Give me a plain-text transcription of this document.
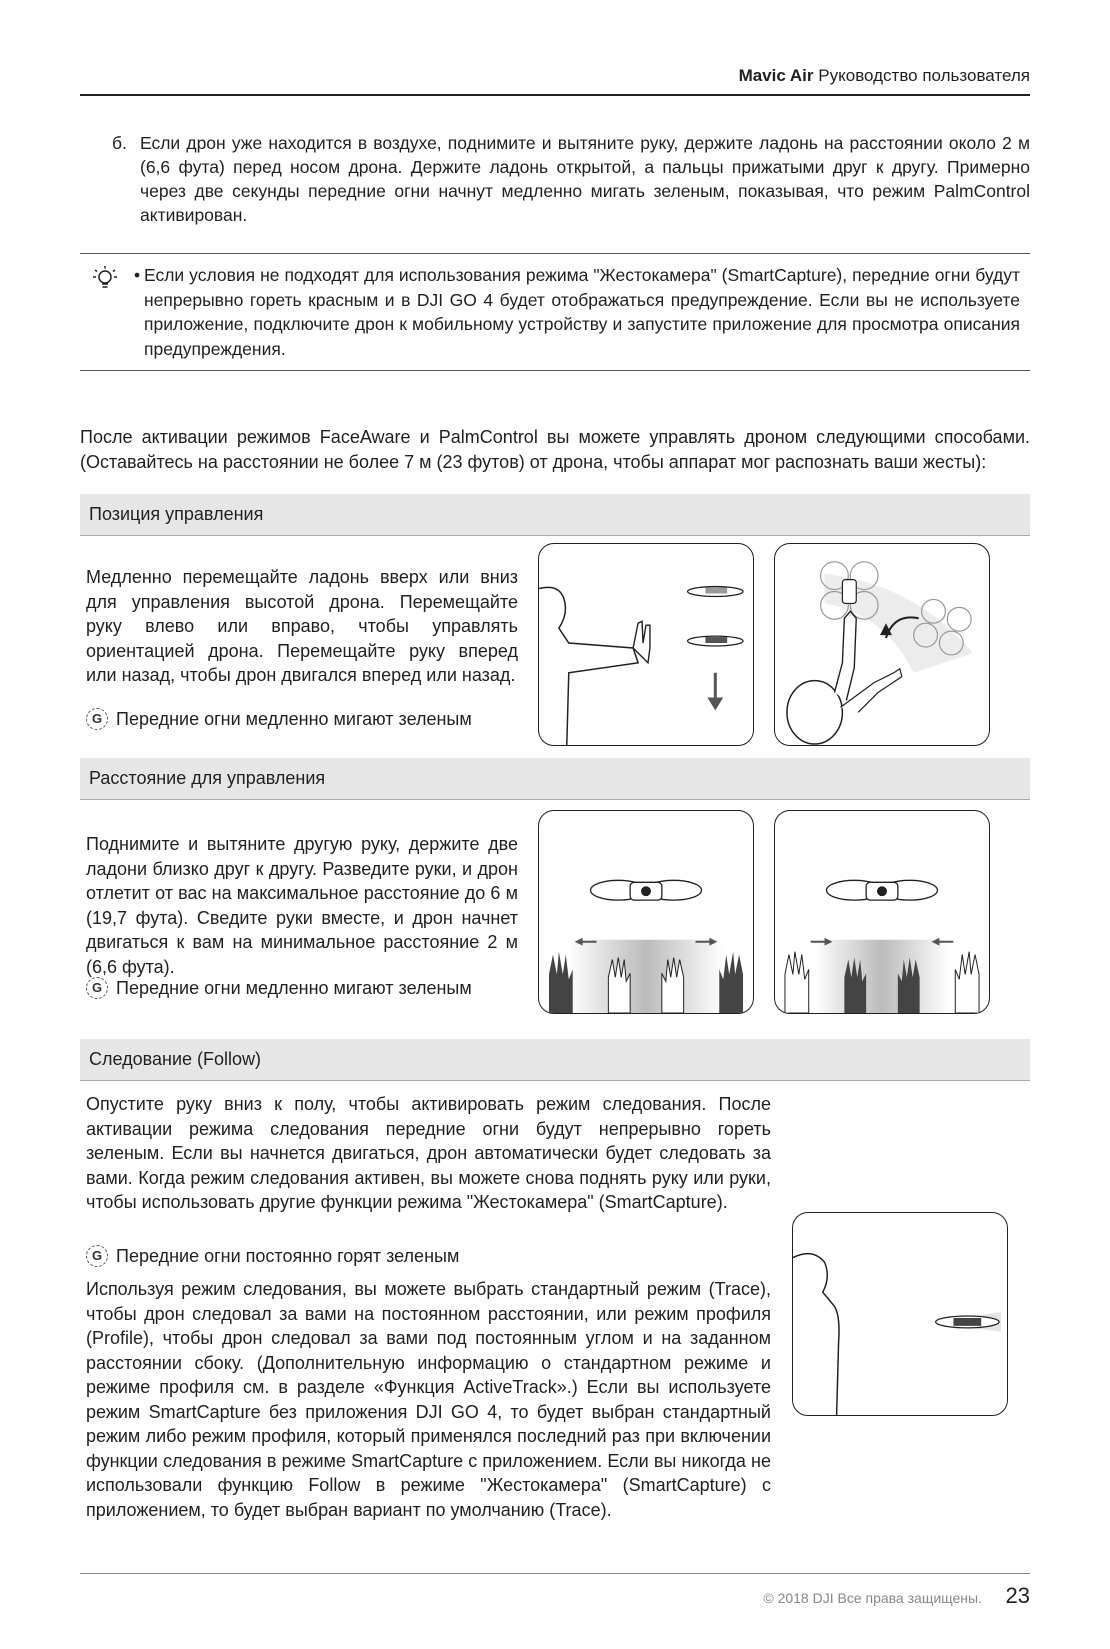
Mavic Air Руководство пользователя
б. Если дрон уже находится в воздухе, поднимите и вытяните руку, держите ладонь на расстоянии около 2 м (6,6 фута) перед носом дрона. Держите ладонь открытой, а пальцы прижатыми друг к другу. Примерно через две секунды передние огни начнут медленно мигать зеленым, показывая, что режим PalmControl активирован.
• Если условия не подходят для использования режима "Жестокамера" (SmartCapture), передние огни будут непрерывно гореть красным и в DJI GO 4 будет отображаться предупреждение. Если вы не используете приложение, подключите дрон к мобильному устройству и запустите приложение для просмотра описания предупреждения.
После активации режимов FaceAware и PalmControl вы можете управлять дроном следующими способами. (Оставайтесь на расстоянии не более 7 м (23 футов) от дрона, чтобы аппарат мог распознать ваши жесты):
Позиция управления
Медленно перемещайте ладонь вверх или вниз для управления высотой дрона. Перемещайте руку влево или вправо, чтобы управлять ориентацией дрона. Перемещайте руку вперед или назад, чтобы дрон двигался вперед или назад.
G Передние огни медленно мигают зеленым
Расстояние для управления
Поднимите и вытяните другую руку, держите две ладони близко друг к другу. Разведите руки, и дрон отлетит от вас на максимальное расстояние до 6 м (19,7 фута). Сведите руки вместе, и дрон начнет двигаться к вам на минимальное расстояние 2 м (6,6 фута).
G Передние огни медленно мигают зеленым
Следование (Follow)
Опустите руку вниз к полу, чтобы активировать режим следования. После активации режима следования передние огни будут непрерывно гореть зеленым. Если вы начнется двигаться, дрон автоматически будет следовать за вами. Когда режим следования активен, вы можете снова поднять руку или руки, чтобы использовать другие функции режима "Жестокамера" (SmartCapture).
G Передние огни постоянно горят зеленым
Используя режим следования, вы можете выбрать стандартный режим (Trace), чтобы дрон следовал за вами на постоянном расстоянии, или режим профиля (Profile), чтобы дрон следовал за вами под постоянным углом и на заданном расстоянии сбоку. (Дополнительную информацию о стандартном режиме и режиме профиля см. в разделе «Функция ActiveTrack».) Если вы используете режим SmartCapture без приложения DJI GO 4, то будет выбран стандартный режим либо режим профиля, который применялся последний раз при включении функции следования в режиме SmartCapture с приложением. Если вы никогда не использовали функцию Follow в режиме "Жестокамера" (SmartCapture) с приложением, то будет выбран вариант по умолчанию (Trace).
© 2018 DJI Все права защищены. 23
